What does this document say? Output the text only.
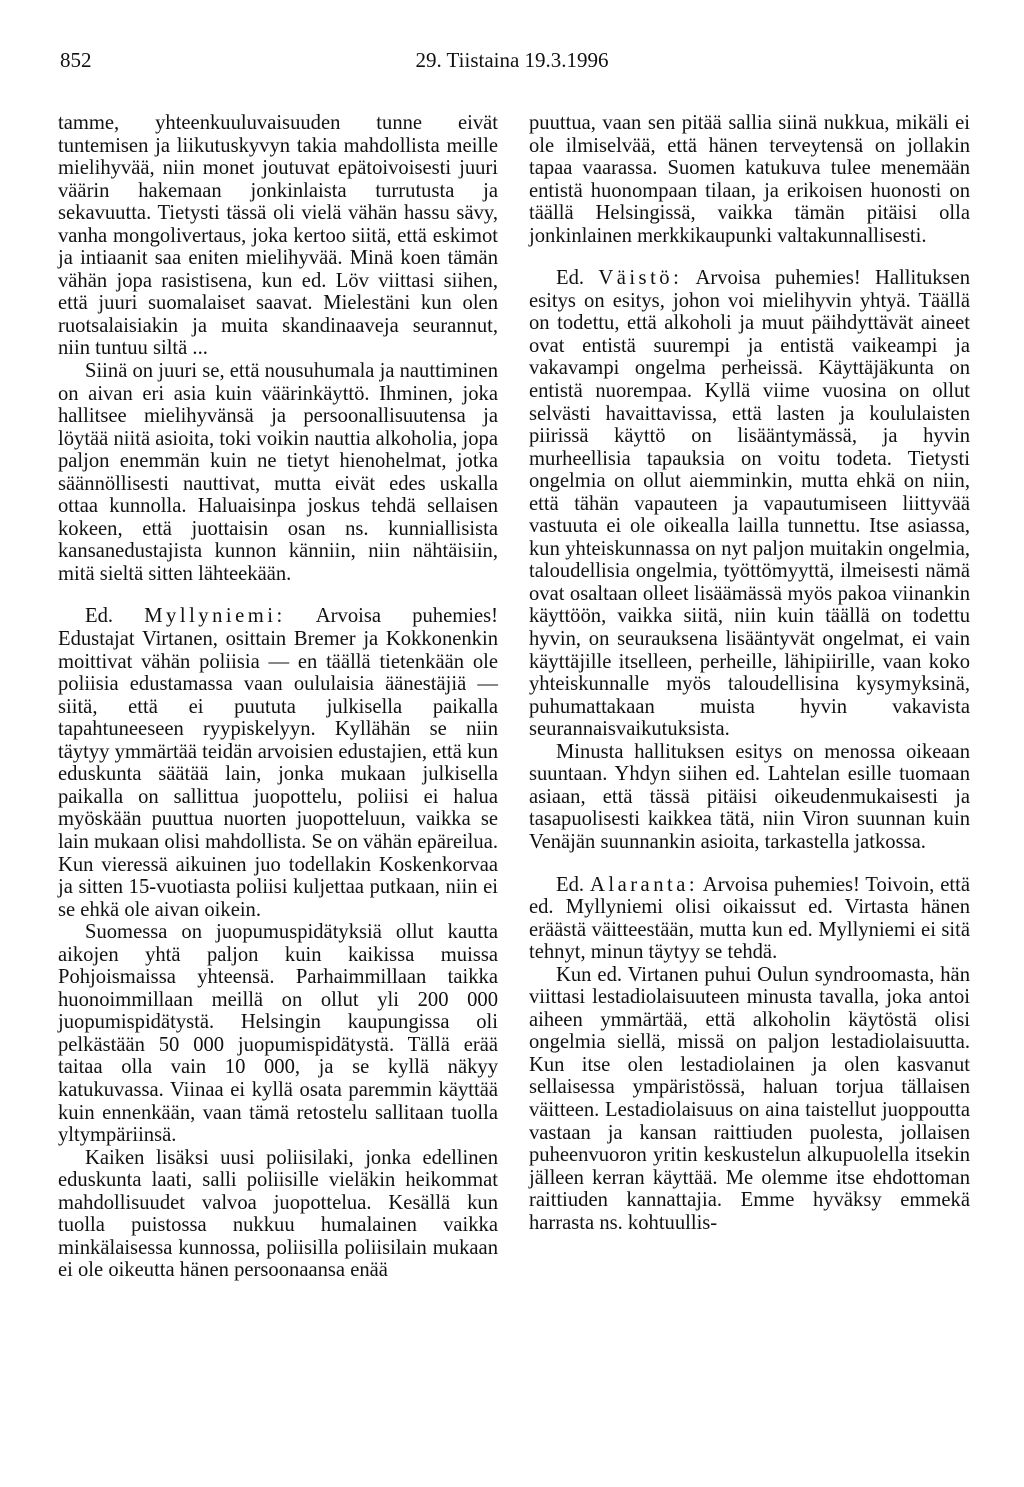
852	29. Tiistaina 19.3.1996

tamme, yhteenkuuluvaisuuden tunne eivät tuntemisen ja liikutuskyvyn takia mahdollista meille mielihyvää, niin monet joutuvat epätoivoisesti juuri väärin hakemaan jonkinlaista turrutusta ja sekavuutta. Tietysti tässä oli vielä vähän hassu sävy, vanha mongolivertaus, joka kertoo siitä, että eskimot ja intiaanit saa eniten mielihyvää. Minä koen tämän vähän jopa rasistisena, kun ed. Löv viittasi siihen, että juuri suomalaiset saavat. Mielestäni kun olen ruotsalaisiakin ja muita skandinaaveja seurannut, niin tuntuu siltä ...

Siinä on juuri se, että nousuhumala ja nauttiminen on aivan eri asia kuin väärinkäyttö. Ihminen, joka hallitsee mielihyvänsä ja persoonallisuutensa ja löytää niitä asioita, toki voikin nauttia alkoholia, jopa paljon enemmän kuin ne tietyt hienohelmat, jotka säännöllisesti nauttivat, mutta eivät edes uskalla ottaa kunnolla. Haluaisinpa joskus tehdä sellaisen kokeen, että juottaisin osan ns. kunniallisista kansanedustajista kunnon känniin, niin nähtäisiin, mitä sieltä sitten lähteekään.

Ed. Myllyniemi: Arvoisa puhemies! Edustajat Virtanen, osittain Bremer ja Kokkonenkin moittivat vähän poliisia — en täällä tietenkään ole poliisia edustamassa vaan oululaisia äänestäjiä — siitä, että ei puututa julkisella paikalla tapahtuneeseen ryypiskelyyn. Kyllähän se niin täytyy ymmärtää teidän arvoisien edustajien, että kun eduskunta säätää lain, jonka mukaan julkisella paikalla on sallittua juopottelu, poliisi ei halua myöskään puuttua nuorten juopotteluun, vaikka se lain mukaan olisi mahdollista. Se on vähän epäreilua. Kun vieressä aikuinen juo todellakin Koskenkorvaa ja sitten 15-vuotiasta poliisi kuljettaa putkaan, niin ei se ehkä ole aivan oikein.

Suomessa on juopumuspidätyksiä ollut kautta aikojen yhtä paljon kuin kaikissa muissa Pohjoismaissa yhteensä. Parhaimmillaan taikka huonoimmillaan meillä on ollut yli 200 000 juopumispidätystä. Helsingin kaupungissa oli pelkästään 50 000 juopumispidätystä. Tällä erää taitaa olla vain 10 000, ja se kyllä näkyy katukuvassa. Viinaa ei kyllä osata paremmin käyttää kuin ennenkään, vaan tämä retostelu sallitaan tuolla yltympäriinsä.

Kaiken lisäksi uusi poliisilaki, jonka edellinen eduskunta laati, salli poliisille vieläkin heikommat mahdollisuudet valvoa juopottelua. Kesällä kun tuolla puistossa nukkuu humalainen vaikka minkälaisessa kunnossa, poliisilla poliisilain mukaan ei ole oikeutta hänen persoonaansa enää

puuttua, vaan sen pitää sallia siinä nukkua, mikäli ei ole ilmiselvää, että hänen terveytensä on jollakin tapaa vaarassa. Suomen katukuva tulee menemään entistä huonompaan tilaan, ja erikoisen huonosti on täällä Helsingissä, vaikka tämän pitäisi olla jonkinlainen merkkikaupunki valtakunnallisesti.

Ed. Väistö: Arvoisa puhemies! Hallituksen esitys on esitys, johon voi mielihyvin yhtyä. Täällä on todettu, että alkoholi ja muut päihdyttävät aineet ovat entistä suurempi ja entistä vaikeampi ja vakavampi ongelma perheissä. Käyttäjäkunta on entistä nuorempaa. Kyllä viime vuosina on ollut selvästi havaittavissa, että lasten ja koululaisten piirissä käyttö on lisääntymässä, ja hyvin murheellisia tapauksia on voitu todeta. Tietysti ongelmia on ollut aiemminkin, mutta ehkä on niin, että tähän vapauteen ja vapautumiseen liittyvää vastuuta ei ole oikealla lailla tunnettu. Itse asiassa, kun yhteiskunnassa on nyt paljon muitakin ongelmia, taloudellisia ongelmia, työttömyyttä, ilmeisesti nämä ovat osaltaan olleet lisäämässä myös pakoa viinankin käyttöön, vaikka siitä, niin kuin täällä on todettu hyvin, on seurauksena lisääntyvät ongelmat, ei vain käyttäjille itselleen, perheille, lähipiirille, vaan koko yhteiskunnalle myös taloudellisina kysymyksinä, puhumattakaan muista hyvin vakavista seurannaisvaikutuksista.

Minusta hallituksen esitys on menossa oikeaan suuntaan. Yhdyn siihen ed. Lahtelan esille tuomaan asiaan, että tässä pitäisi oikeudenmukaisesti ja tasapuolisesti kaikkea tätä, niin Viron suunnan kuin Venäjän suunnankin asioita, tarkastella jatkossa.

Ed. Alaranta: Arvoisa puhemies! Toivoin, että ed. Myllyniemi olisi oikaissut ed. Virtasta hänen eräästä väitteestään, mutta kun ed. Myllyniemi ei sitä tehnyt, minun täytyy se tehdä.

Kun ed. Virtanen puhui Oulun syndroomasta, hän viittasi lestadiolaisuuteen minusta tavalla, joka antoi aiheen ymmärtää, että alkoholin käytöstä olisi ongelmia siellä, missä on paljon lestadiolaisuutta. Kun itse olen lestadiolainen ja olen kasvanut sellaisessa ympäristössä, haluan torjua tällaisen väitteen. Lestadiolaisuus on aina taistellut juoppoutta vastaan ja kansan raittiuden puolesta, jollaisen puheenvuoron yritin keskustelun alkupuolella itsekin jälleen kerran käyttää. Me olemme itse ehdottoman raittiuden kannattajia. Emme hyväksy emmekä harrasta ns. kohtuullis-
